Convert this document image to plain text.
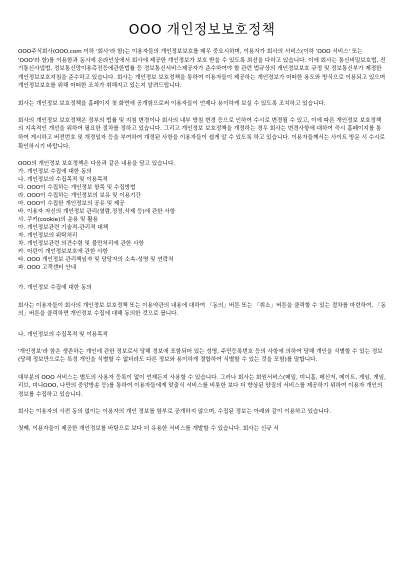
OOO 개인정보보호정책

OOO주식회사(OOO.com 이하 '회사'라 함)는 이용자들의 개인정보보호를 매우 중요시하며, 이용자가 회사의 서비스(이하 'OOO 서비스' 또는 'OOO'라 함)를 이용함과 동시에 온라인상에서 회사에 제공한 개인정보가 보호 받을 수 있도록 최선을 다하고 있습니다. 이에 회사는 통신비밀보호법, 전기통신사업법, 정보통신망이용촉진등에관한법률 등 정보통신서비스제공자가 준수하여야 할 관련 법규상의 개인정보보호 규정 및 정보통신부가 제정한 개인정보보호지침을 준수하고 있습니다. 회사는 개인정보 보호정책을 통하여 이용자들이 제공하는 개인정보가 어떠한 용도와 방식으로 이용되고 있으며 개인정보보호를 위해 어떠한 조치가 취해지고 있는지 알려드립니다.

회사는 개인정보 보호정책을 홈페이지 첫 화면에 공개함으로써 이용자들이 언제나 용이하게 보실 수 있도록 조치하고 있습니다.

회사의 개인정보 보호정책은 정부의 법률 및 지침 변경이나 회사의 내부 방침 변경 등으로 인하여 수시로 변경될 수 있고, 이에 따른 개인정보 보호정책의 지속적인 개선을 위하여 필요한 절차를 정하고 있습니다. 그리고 개인정보 보호정책을 개정하는 경우 회사는 변경사항에 대하여 즉시 홈페이지를 통하여 게시하고 버전번호 및 개정일자 등을 부여하여 개정된 사항을 이용자들이 쉽게 알 수 있도록 하고 있습니다. 이용자들께서는 사이트 방문 시 수시로 확인하시기 바랍니다.

OOO의 개인정보 보호정책은 다음과 같은 내용을 담고 있습니다.

가. 개인정보 수집에 대한 동의
나. 개인정보의 수집목적 및 이용목적
다. OOO이 수집하는 개인정보 항목 및 수집방법
라. OOO이 수집하는 개인정보의 보유 및 이용기간
마. OOO이 수집한 개인정보의 공유 및 제공
바. 이용자 자신의 개인정보 관리(열람,정정,삭제 등)에 관한 사항
사. 쿠키(cookie)의 운용 및 활용
아. 개인정보관련 기술적-관리적 대책
자. 개인정보의 위탁처리
차. 개인정보관련 의견수렴 및 불만처리에 관한 사항
카. 어린이 개인정보보호에 관한 사항
타. OOO 개인정보 관리책임자 및 담당자의 소속-성명 및 연락처
파. OOO 고객센터 안내

가. 개인정보 수집에 대한 동의

회사는 이용자들이 회사의 개인정보 보호정책 또는 이용약관의 내용에 대하여 「동의」버튼 또는 「취소」버튼을 클릭할 수 있는 절차를 마련하여, 「동의」버튼을 클릭하면 개인정보 수집에 대해 동의한 것으로 봅니다.

나. 개인정보의 수집목적 및 이용목적

'개인정보'라 함은 생존하는 개인에 관한 정보로서 당해 정보에 포함되어 있는 성명, 주민등록번호 등의 사항에 의하여 당해 개인을 식별할 수 있는 정보(당해 정보만으로는 특정 개인을 식별할 수 없더라도 다른 정보와 용이하게 결합하여 식별할 수 있는 것을 포함)를 말합니다.

대부분의 OOO 서비스는 별도의 사용자 등록이 없이 언제든지 사용할 수 있습니다. 그러나 회사는 회원서비스(메일, 미니홈, 메신저, 메이트, 게임, 게임, 리브, 미니OOO, 나만의 중앙방송 등)를 통하여 이용자들에게 맞춤식 서비스를 비롯한 보다 더 향상된 양질의 서비스를 제공하기 위하여 이용자 개인의 정보를 수집하고 있습니다.

회사는 이용자의 사전 동의 없이는 이용자의 개인 정보를 함부로 공개하지 않으며, 수집된 정보는 아래와 같이 이용하고 있습니다.

첫째, 이용자들이 제공한 개인정보를 바탕으로 보다 더 유용한 서비스를 개발할 수 있습니다. 회사는 신규 서
